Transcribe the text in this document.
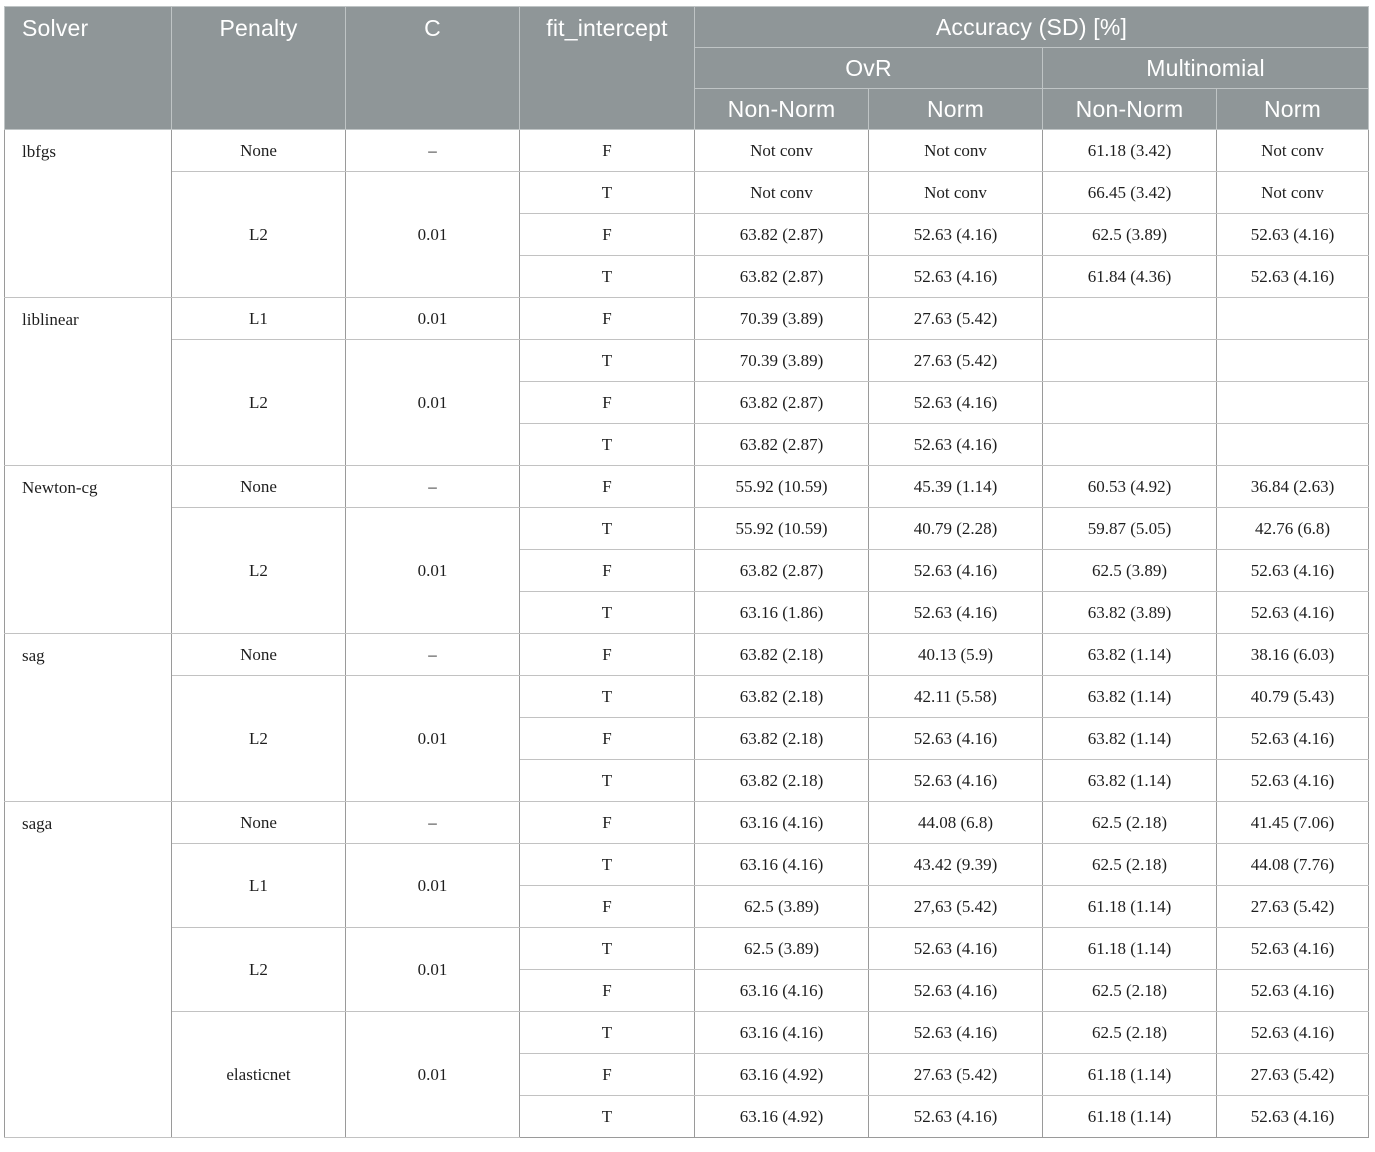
Solver	Penalty	C	fit_intercept	Accuracy (SD) [%]			
				OvR		Multinomial	
				Non-Norm	Norm	Non-Norm	Norm
lbfgs	None	–	F	Not conv	Not conv	61.18 (3.42)	Not conv
	L2	0.01	T	Not conv	Not conv	66.45 (3.42)	Not conv
			F	63.82 (2.87)	52.63 (4.16)	62.5 (3.89)	52.63 (4.16)
			T	63.82 (2.87)	52.63 (4.16)	61.84 (4.36)	52.63 (4.16)
liblinear	L1	0.01	F	70.39 (3.89)	27.63 (5.42)		
	L2	0.01	T	70.39 (3.89)	27.63 (5.42)		
			F	63.82 (2.87)	52.63 (4.16)		
			T	63.82 (2.87)	52.63 (4.16)		
Newton-cg	None	–	F	55.92 (10.59)	45.39 (1.14)	60.53 (4.92)	36.84 (2.63)
	L2	0.01	T	55.92 (10.59)	40.79 (2.28)	59.87 (5.05)	42.76 (6.8)
			F	63.82 (2.87)	52.63 (4.16)	62.5 (3.89)	52.63 (4.16)
			T	63.16 (1.86)	52.63 (4.16)	63.82 (3.89)	52.63 (4.16)
sag	None	–	F	63.82 (2.18)	40.13 (5.9)	63.82 (1.14)	38.16 (6.03)
	L2	0.01	T	63.82 (2.18)	42.11 (5.58)	63.82 (1.14)	40.79 (5.43)
			F	63.82 (2.18)	52.63 (4.16)	63.82 (1.14)	52.63 (4.16)
			T	63.82 (2.18)	52.63 (4.16)	63.82 (1.14)	52.63 (4.16)
saga	None	–	F	63.16 (4.16)	44.08 (6.8)	62.5 (2.18)	41.45 (7.06)
	L1	0.01	T	63.16 (4.16)	43.42 (9.39)	62.5 (2.18)	44.08 (7.76)
			F	62.5 (3.89)	27,63 (5.42)	61.18 (1.14)	27.63 (5.42)
	L2	0.01	T	62.5 (3.89)	52.63 (4.16)	61.18 (1.14)	52.63 (4.16)
			F	63.16 (4.16)	52.63 (4.16)	62.5 (2.18)	52.63 (4.16)
	elasticnet	0.01	T	63.16 (4.16)	52.63 (4.16)	62.5 (2.18)	52.63 (4.16)
			F	63.16 (4.92)	27.63 (5.42)	61.18 (1.14)	27.63 (5.42)
			T	63.16 (4.92)	52.63 (4.16)	61.18 (1.14)	52.63 (4.16)
